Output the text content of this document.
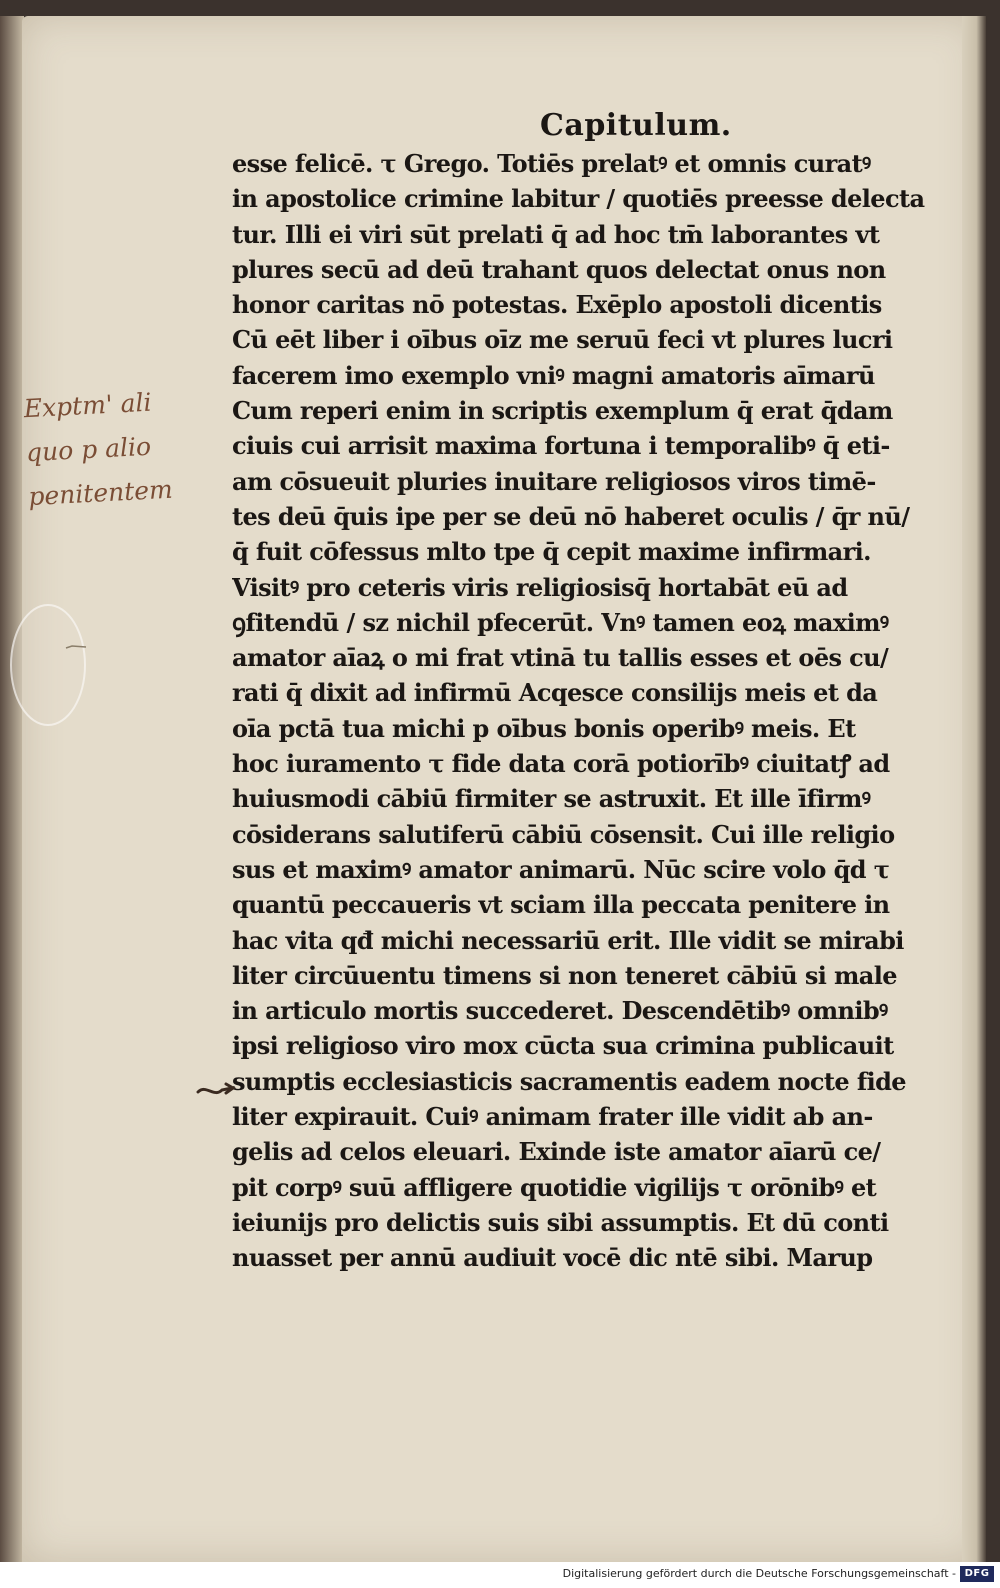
Capitulum.
esse felicē. τ Grego. Totiēs prelatꝰ et omnis curatꝰ
in apostolice crimine labitur / quotiēs preesse delecta
tur. Illi ei viri sūt prelati q̄ ad hoc tm̄ laborantes vt
plures secū ad deū trahant quos delectat onus non
honor caritas nō potestas. Exēplo apostoli dicentis
Cū eēt liber i oībus oīz me seruū feci vt plures lucri
facerem imo exemplo vniꝰ magni amatoris aīmarū
Cum reperi enim in scriptis exemplum q̄ erat q̄dam
ciuis cui arrisit maxima fortuna i temporalibꝰ q̄ eti-
am cōsueuit pluries inuitare religiosos viros timē-
tes deū q̄uis ipe per se deū nō haberet oculis / q̄r nū/
q̄ fuit cōfessus mlto tpe q̄ cepit maxime infirmari.
Visitꝰ pro ceteris viris religiosisq̄ hortabāt eū ad
ꝯfitendū / sz nichil pfecerūt. Vnꝰ tamen eoꝝ maximꝰ
amator aīaꝝ o mi frat vtinā tu tallis esses et oēs cu/
rati q̄ dixit ad infirmū Acqesce consilijs meis et da
oīa pctā tua michi p oībus bonis operibꝰ meis. Et
hoc iuramento τ fide data corā potiorībꝰ ciuitatꝭ ad
huiusmodi cābiū firmiter se astruxit. Et ille īfirmꝰ
cōsiderans salutiferū cābiū cōsensit. Cui ille religio
sus et maximꝰ amator animarū. Nūc scire volo q̄d τ
quantū peccaueris vt sciam illa peccata penitere in
hac vita qđ michi necessariū erit. Ille vidit se mirabi
liter circūuentu timens si non teneret cābiū si male
in articulo mortis succederet. Descendētibꝰ omnibꝰ
ipsi religioso viro mox cūcta sua crimina publicauit
sumptis ecclesiasticis sacramentis eadem nocte fide
liter expirauit. Cuiꝰ animam frater ille vidit ab an-
gelis ad celos eleuari. Exinde iste amator aīarū ce/
pit corpꝰ suū affligere quotidie vigilijs τ orōnibꝰ et
ieiunijs pro delictis suis sibi assumptis. Et dū conti
nuasset per annū audiuit vocē dic ntē sibi. Marup
Exptm' ali
quo p alio
penitentem
Digitalisierung gefördert durch die Deutsche Forschungsgemeinschaft - DFG
